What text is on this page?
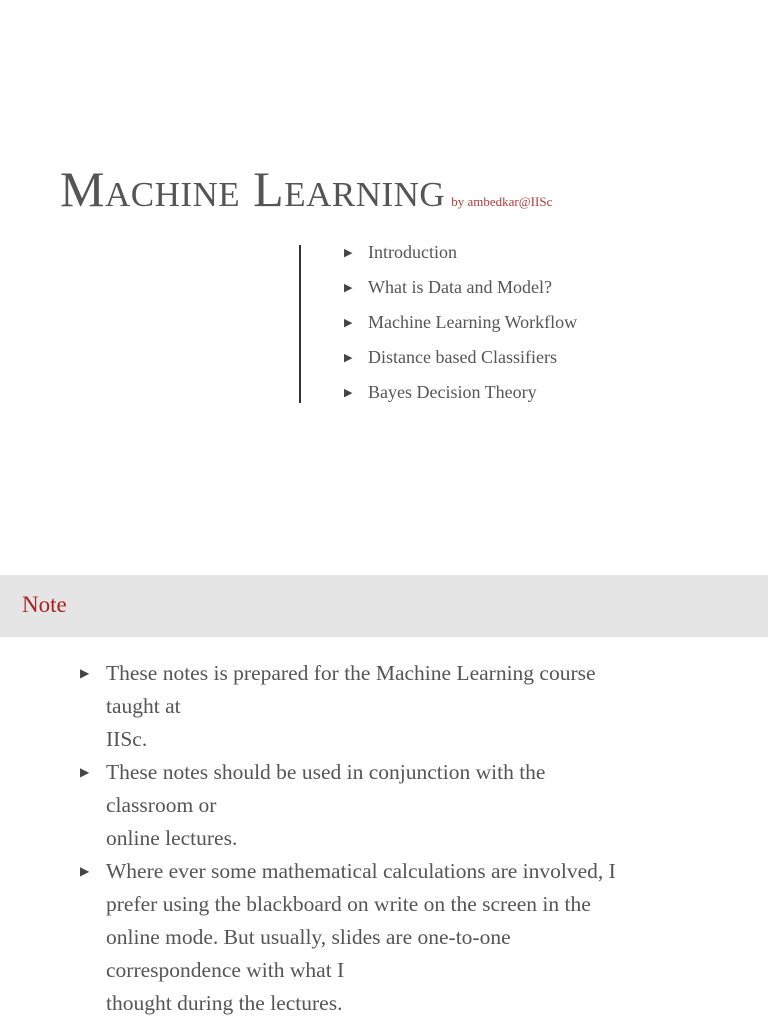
Machine Learning by ambedkar@IISc
▶ Introduction
▶ What is Data and Model?
▶ Machine Learning Workflow
▶ Distance based Classifiers
▶ Bayes Decision Theory
Note
▶ These notes is prepared for the Machine Learning course
taught at
IISc.
▶ These notes should be used in conjunction with the
classroom or
online lectures.
▶ Where ever some mathematical calculations are involved, I
prefer using the blackboard on write on the screen in the
online mode. But usually, slides are one-to-one
correspondence with what I
thought during the lectures.
